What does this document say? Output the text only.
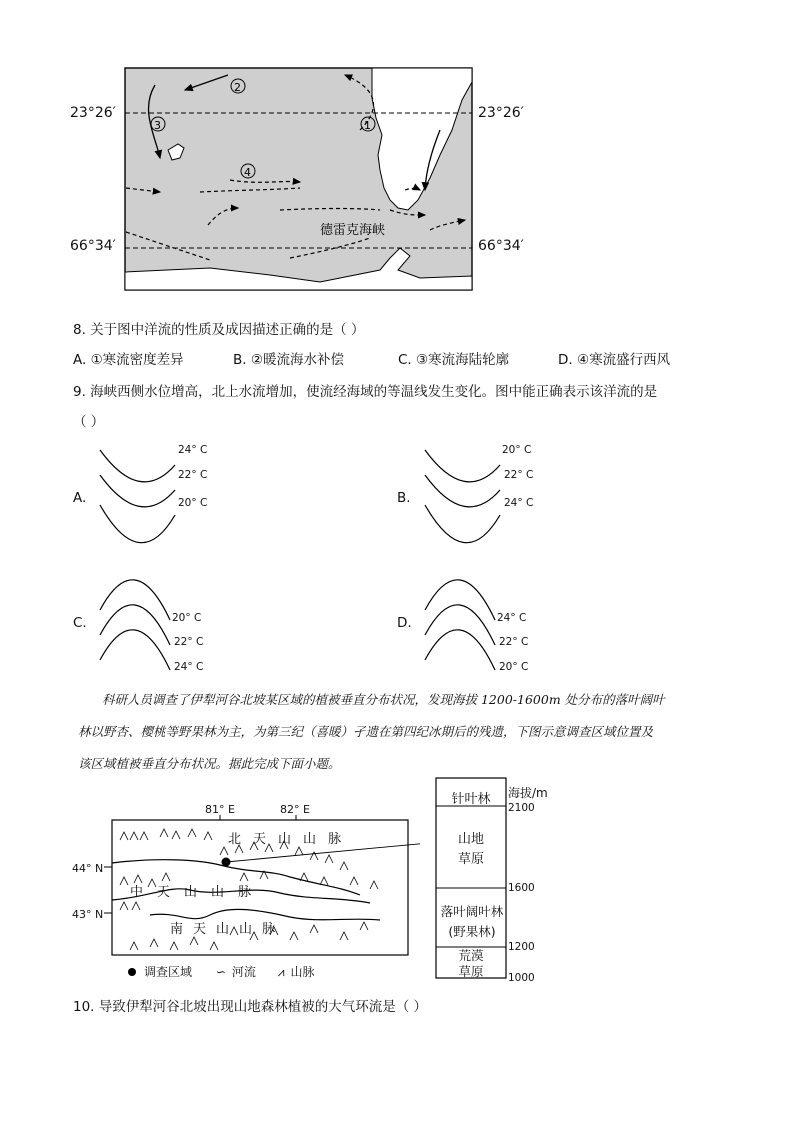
1
2
3
4
德雷克海峡
23°26′	23°26′
66°34′	66°34′
8. 关于图中洋流的性质及成因描述正确的是（ ）
A. ①寒流密度差异	B. ②暖流海水补偿	C. ③寒流海陆轮廓	D. ④寒流盛行西风
9. 海峡西侧水位增高，北上水流增加，使流经海域的等温线发生变化。图中能正确表示该洋流的是
（ ）
A.
24° C
22° C
20° C	B.
20° C
22° C
24° C
C.	20° C
22° C
24° C
D.	24° C
22° C
20° C
科研人员调查了伊犁河谷北坡某区域的植被垂直分布状况，发现海拔 1200-1600m 处分布的落叶阔叶
林以野杏、樱桃等野果林为主，为第三纪（喜暖）孑遗在第四纪冰期后的残遗，下图示意调查区域位置及
该区域植被垂直分布状况。据此完成下面小题。
81° E	82° E
44° N
43° N
北天山山脉
中天山山脉
南天山山脉
调查区域 ∽ 河流 ⩘ 山脉
针叶林
山地
草原
落叶阔叶林
(野果林)
荒漠
草原
海拔/m
2100
1600
1200
1000
10. 导致伊犁河谷北坡出现山地森林植被的大气环流是（ ）
